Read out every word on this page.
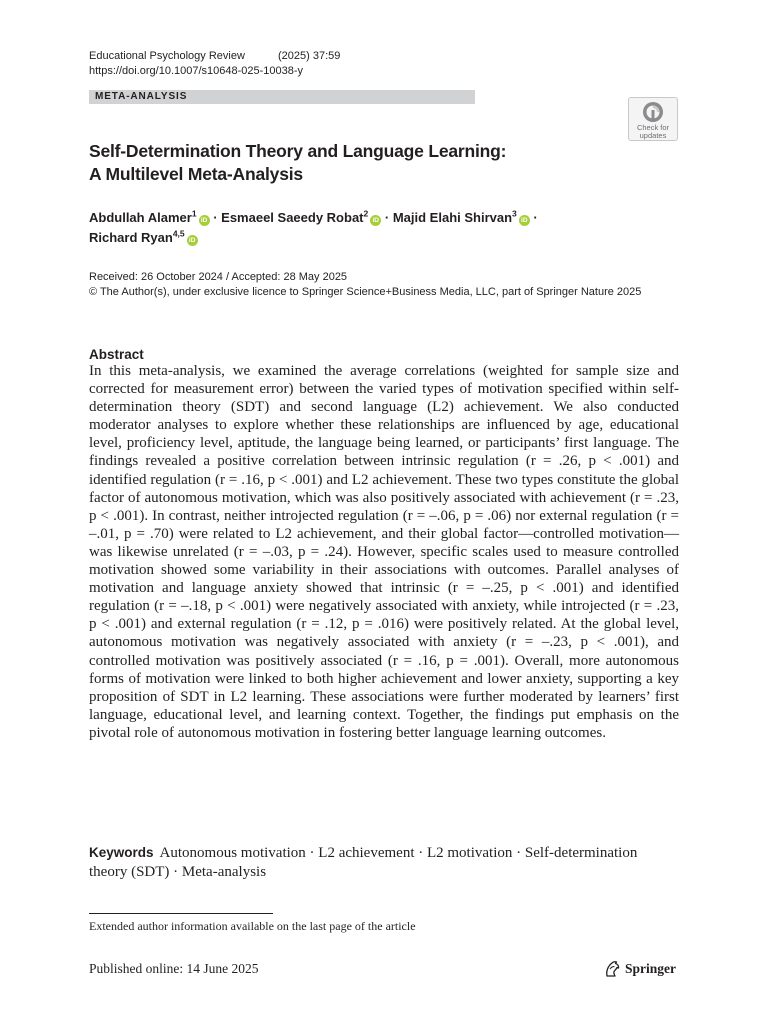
Educational Psychology Review	(2025) 37:59
https://doi.org/10.1007/s10648-025-10038-y
META-ANALYSIS
Check for
updates
Self-Determination Theory and Language Learning:
A Multilevel Meta-Analysis
Abdullah Alamer$^1$iD · Esmaeel Saeedy Robat$^2$iD · Majid Elahi Shirvan$^3$iD ·
Richard Ryan$^{4,5}$iD
Received: 26 October 2024 / Accepted: 28 May 2025
© The Author(s), under exclusive licence to Springer Science+Business Media, LLC, part of Springer Nature 2025
Abstract
In this meta-analysis, we examined the average correlations (weighted for sample size and corrected for measurement error) between the varied types of motivation specified within self-determination theory (SDT) and second language (L2) achievement. We also conducted moderator analyses to explore whether these relationships are influenced by age, educational level, proficiency level, aptitude, the language being learned, or participants’ first language. The findings revealed a positive correlation between intrinsic regulation (r = .26, p < .001) and identified regulation (r = .16, p < .001) and L2 achievement. These two types constitute the global factor of autonomous motivation, which was also positively associated with achievement (r = .23, p < .001). In contrast, neither introjected regulation (r = –.06, p = .06) nor external regulation (r = –.01, p = .70) were related to L2 achievement, and their global factor—controlled motivation—was likewise unrelated (r = –.03, p = .24). However, specific scales used to measure controlled motivation showed some variability in their associations with outcomes. Parallel analyses of motivation and language anxiety showed that intrinsic (r = –.25, p < .001) and identified regulation (r = –.18, p < .001) were negatively associated with anxiety, while introjected (r = .23, p < .001) and external regulation (r = .12, p = .016) were positively related. At the global level, autonomous motivation was negatively associated with anxiety (r = –.23, p < .001), and controlled motivation was positively associated (r = .16, p = .001). Overall, more autonomous forms of motivation were linked to both higher achievement and lower anxiety, supporting a key proposition of SDT in L2 learning. These associations were further moderated by learners’ first language, educational level, and learning context. Together, the findings put emphasis on the pivotal role of autonomous motivation in fostering better language learning outcomes.
Keywords Autonomous motivation · L2 achievement · L2 motivation · Self-determination theory (SDT) · Meta-analysis
Extended author information available on the last page of the article
Published online: 14 June 2025	Springer
